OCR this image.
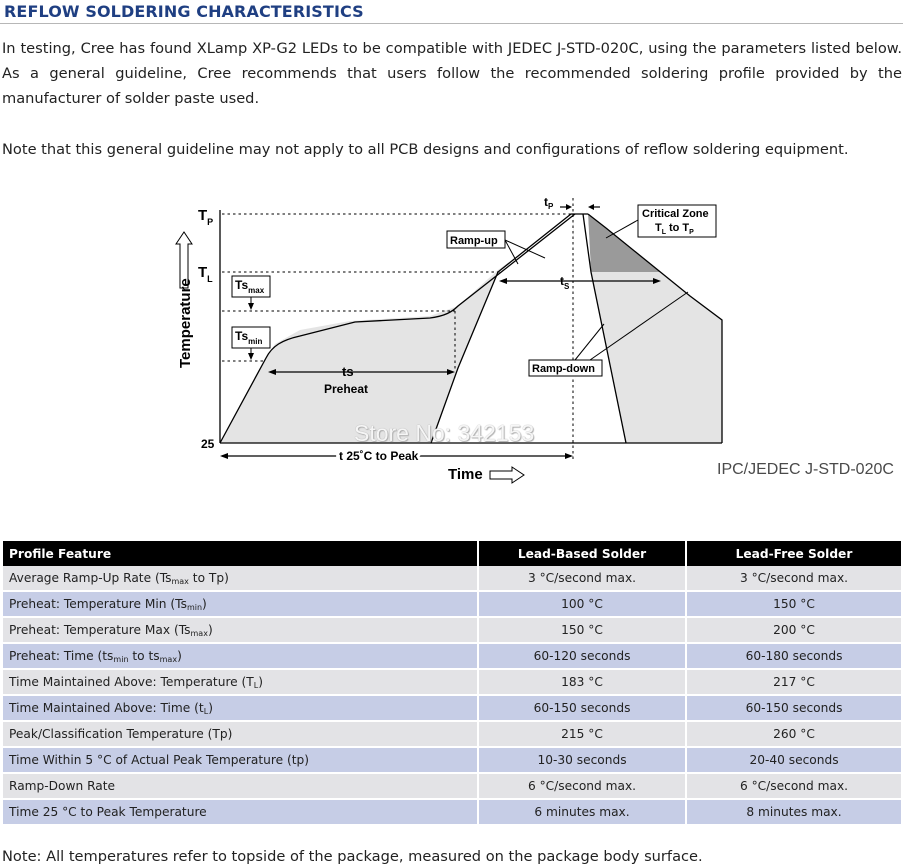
REFLOW SOLDERING CHARACTERISTICS

In testing, Cree has found XLamp XP-G2 LEDs to be compatible with JEDEC J-STD-020C, using the parameters listed below. As a general guideline, Cree recommends that users follow the recommended soldering profile provided by the manufacturer of solder paste used.

Note that this general guideline may not apply to all PCB designs and configurations of reflow soldering equipment.

Temperature
$T_P$
$T_L$ $Ts_{max}$
$Ts_{min}$
ts
Preheat
25
t 25˚C to Peak
Time
$t_P$
$t_S$
Ramp-up
Ramp-down
Critical Zone
$T_L$ to $T_P$
Store No: 342153
IPC/JEDEC J-STD-020C
Profile Feature	Lead-Based Solder	Lead-Free Solder
Average Ramp-Up Rate ($Ts_{max}$ to Tp)	3 °C/second max.	3 °C/second max.
Preheat: Temperature Min $(Ts_{min})$	100 °C	150 °C
Preheat: Temperature Max $(Ts_{max})$	150 °C	200 °C
Preheat: Time ($ts_{min}$ to $ts_{max}$)	60-120 seconds	60-180 seconds
Time Maintained Above: Temperature $(T_L)$	183 °C	217 °C
Time Maintained Above: Time $(t_L)$	60-150 seconds	60-150 seconds
Peak/Classification Temperature (Tp)	215 °C	260 °C
Time Within 5 °C of Actual Peak Temperature (tp)	10-30 seconds	20-40 seconds
Ramp-Down Rate	6 °C/second max.	6 °C/second max.
Time 25 °C to Peak Temperature	6 minutes max.	8 minutes max.
Note: All temperatures refer to topside of the package, measured on the package body surface.
